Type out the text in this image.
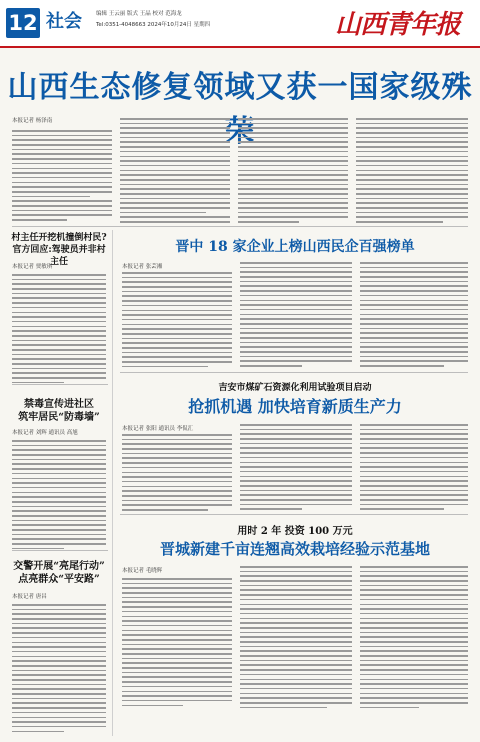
12 社会	编辑 王云丽 版式 王晶 校对 范海龙
Tel:0351-4048663 2024年10月24日 星期四	山西青年报
山西生态修复领域又获一国家级殊
本报记者 杨泽南
村主任开挖机撞倒村民?
官方回应:驾驶员并非村主任
本报记者 贾敏琪
禁毒宣传进社区
筑牢居民“防毒墙”
本报记者 刘辉 通讯员 高旭
交警开展“亮尾行动”
点亮群众“平安路”
本报记者 唐昌
晋中 18 家企业上榜山西民企百强榜单
本报记者 张芸湘
吉安市煤矿石资源化利用试验项目启动
抢抓机遇 加快培育新质生产力
本报记者 张阳 通讯员 李侃汇
用时 2 年 投资 100 万元
晋城新建千亩连翘高效栽培经验示范基地
本报记者 毛晓辉
